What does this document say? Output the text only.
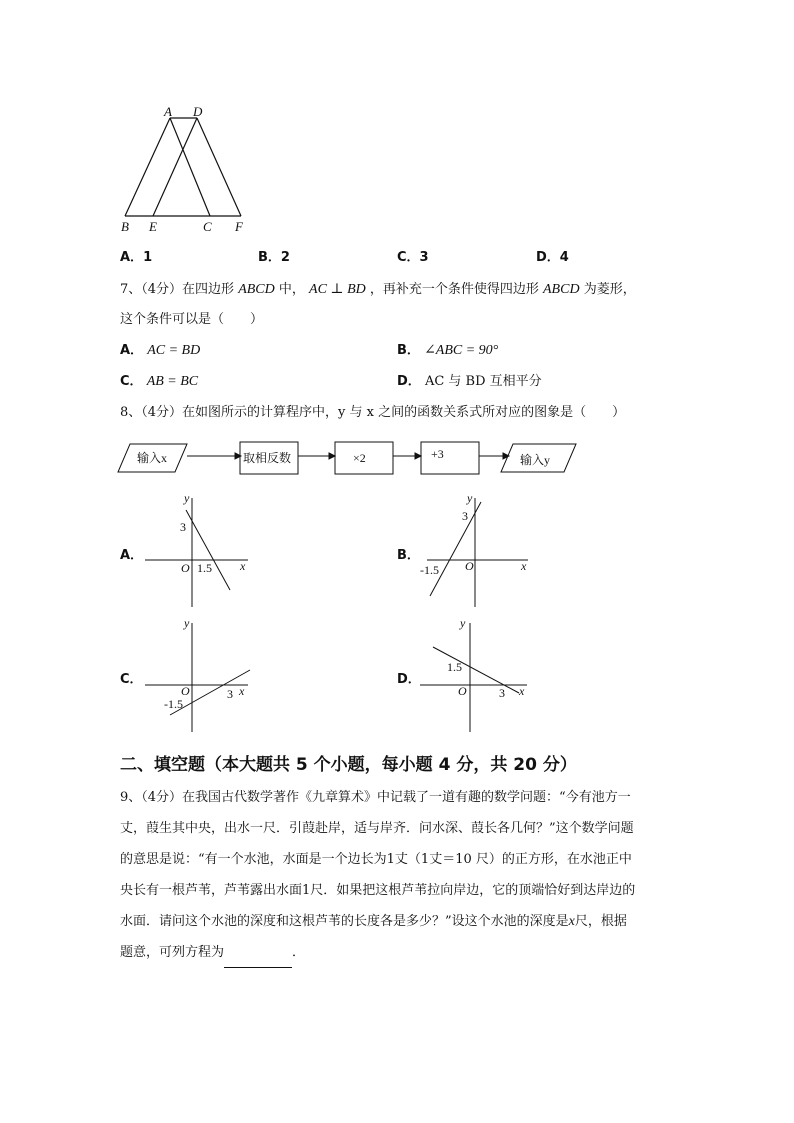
A D
B E	C F
A．1	B．2	C．3	D．4
7、（4分）在四边形 ABCD 中， AC ⊥ BD ，再补充一个条件使得四边形 ABCD 为菱形，
这个条件可以是（　　）
A． AC = BD	B． ∠ABC = 90°
C． AB = BC	D． AC 与 BD 互相平分
8、（4分）在如图所示的计算程序中，y 与 x 之间的函数关系式所对应的图象是（　　）
输入x	取相反数	×2	+3	输入y
A．
y
x
O
3
1.5
B．
y
x
O
3
-1.5
C．
y
x
O
-1.5
3
D．
y
x
O
1.5
3
二、填空题（本大题共 5 个小题，每小题 4 分，共 20 分）
9、（4分）在我国古代数学著作《九章算术》中记载了一道有趣的数学问题：“今有池方一
丈，葭生其中央，出水一尺．引葭赴岸，适与岸齐．问水深、葭长各几何？”这个数学问题
的意思是说：“有一个水池，水面是一个边长为1丈（1丈＝10 尺）的正方形，在水池正中
央长有一根芦苇，芦苇露出水面1尺．如果把这根芦苇拉向岸边，它的顶端恰好到达岸边的
水面．请问这个水池的深度和这根芦苇的长度各是多少？”设这个水池的深度是x尺，根据
题意，可列方程为	．
